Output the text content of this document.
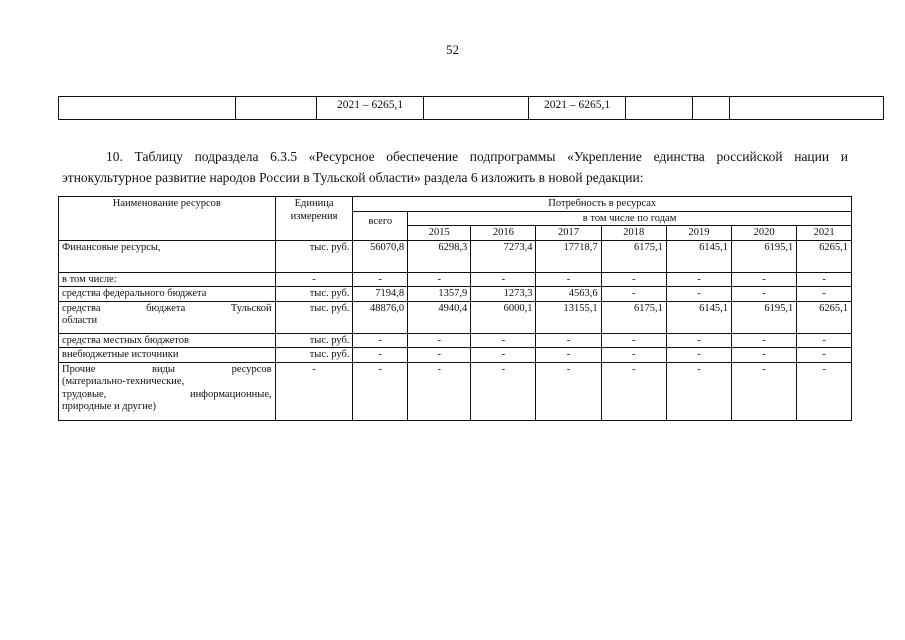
52
		2021 – 6265,1		2021 – 6265,1			
10. Таблицу подраздела 6.3.5 «Ресурсное обеспечение подпрограммы «Укрепление единства российской нации и этнокультурное развитие народов России в Тульской области» раздела 6 изложить в новой редакции:
Наименование ресурсов	Единица измерения	Потребность в ресурсах							
		всего	в том числе по годам						
			2015	2016	2017	2018	2019	2020	2021
Финансовые ресурсы,	тыс. руб.	56070,8	6298,3	7273,4	17718,7	6175,1	6145,1	6195,1	6265,1
в том числе:	-	-	-	-	-	-	-	-	-
средства федерального бюджета	тыс. руб.	7194,8	1357,9	1273,3	4563,6	-	-	-	-

средства бюджета Тульской
области	тыс. руб.	48876,0	4940,4	6000,1	13155,1	6175,1	6145,1	6195,1	6265,1
средства местных бюджетов	тыс. руб.	-	-	-	-	-	-	-	-
внебюджетные источники	тыс. руб.	-	-	-	-	-	-	-	-

Прочие виды ресурсов
(материально-технические,
трудовые, информационные,
природные и другие)	-	-	-	-	-	-	-	-	-
